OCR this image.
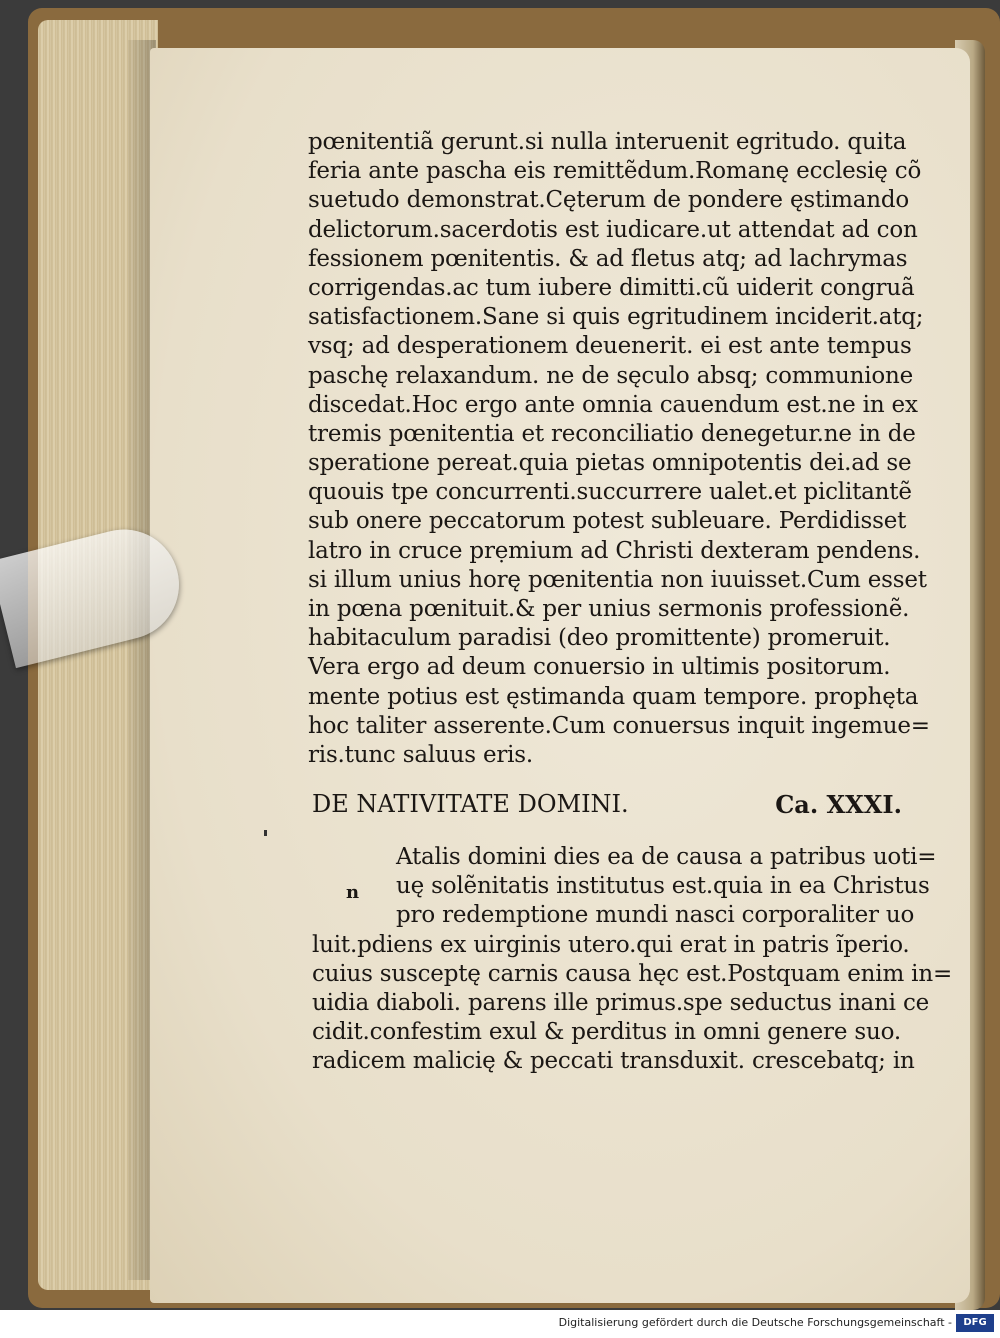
pœnitentiã gerunt.si nulla interuenit egritudo. quita
feria ante pascha eis remittẽdum.Romanę ecclesię cõ
suetudo demonstrat.Cęterum de pondere ęstimando
delictorum.sacerdotis est iudicare.ut attendat ad con
fessionem pœnitentis. & ad fletus atq; ad lachrymas
corrigendas.ac tum iubere dimitti.cũ uiderit congruã
satisfactionem.Sane si quis egritudinem inciderit.atq;
vsq; ad desperationem deuenerit. ei est ante tempus
paschę relaxandum. ne de sęculo absq; communione
discedat.Hoc ergo ante omnia cauendum est.ne in ex
tremis pœnitentia et reconciliatio denegetur.ne in de
speratione pereat.quia pietas omnipotentis dei.ad se
quouis tpe concurrenti.succurrere ualet.et piclitantẽ
sub onere peccatorum potest subleuare. Perdidisset
latro in cruce prẹmium ad Christi dexteram pendens.
si illum unius horę pœnitentia non iuuisset.Cum esset
in pœna pœnituit.& per unius sermonis professionẽ.
habitaculum paradisi (deo promittente) promeruit.
Vera ergo ad deum conuersio in ultimis positorum.
mente potius est ęstimanda quam tempore. prophęta
hoc taliter asserente.Cum conuersus inquit ingemue=
ris.tunc saluus eris.
DE NATIVITATE DOMINI.	Ca. XXXI.
n
Atalis domini dies ea de causa a patribus uoti=
uę solẽnitatis institutus est.quia in ea Christus
pro redemptione mundi nasci corporaliter uo
luit.pdiens ex uirginis utero.qui erat in patris ĩperio.
cuius susceptę carnis causa hęc est.Postquam enim in=
uidia diaboli. parens ille primus.spe seductus inani ce
cidit.confestim exul & perditus in omni genere suo.
radicem malicię & peccati transduxit. crescebatq; in
Digitalisierung gefördert durch die Deutsche Forschungsgemeinschaft -	DFG
